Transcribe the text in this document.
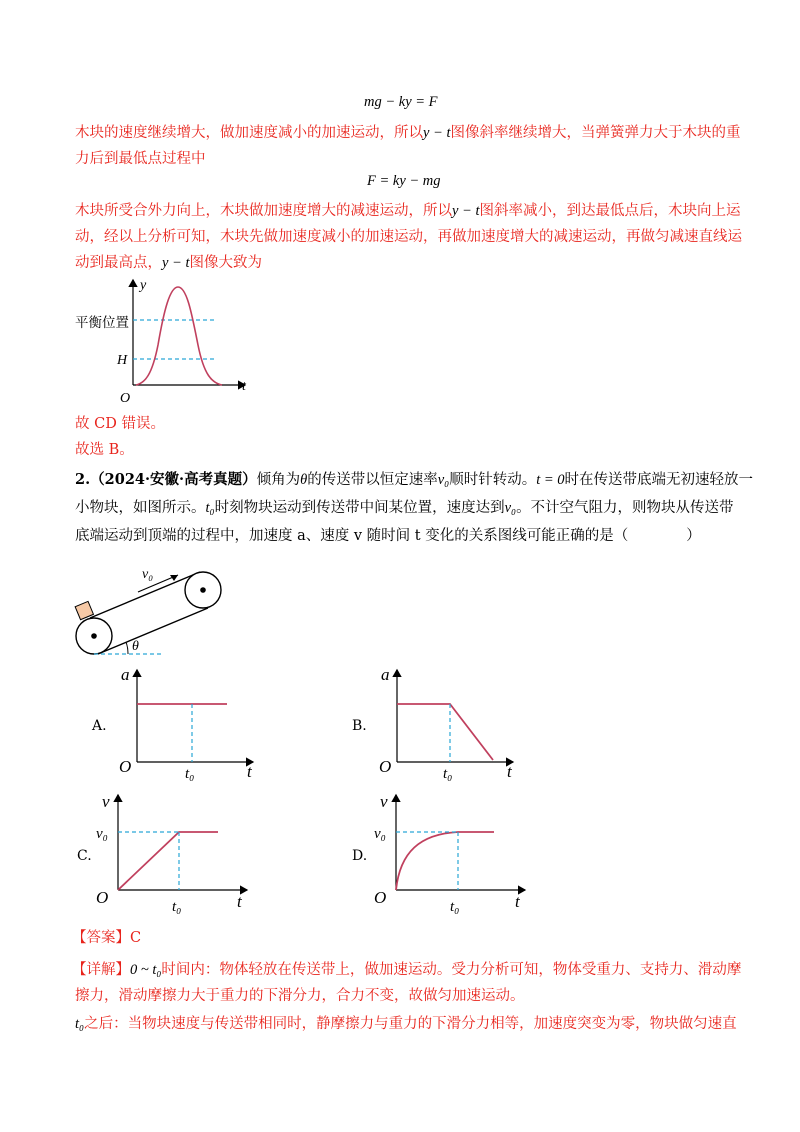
mg − ky = F
木块的速度继续增大，做加速度减小的加速运动，所以y − t图像斜率继续增大，当弹簧弹力大于木块的重
力后到最低点过程中
F = ky − mg
木块所受合外力向上，木块做加速度增大的减速运动，所以y − t图斜率减小，到达最低点后，木块向上运
动，经以上分析可知，木块先做加速度减小的加速运动，再做加速度增大的减速运动，再做匀减速直线运
动到最高点，y − t图像大致为
y
t
O
H
平衡位置
故 CD 错误。
故选 B。
2.（2024·安徽·高考真题）倾角为θ的传送带以恒定速率v₀顺时针转动。t = 0时在传送带底端无初速轻放一
小物块，如图所示。t₀时刻物块运动到传送带中间某位置，速度达到v₀。不计空气阻力，则物块从传送带
底端运动到顶端的过程中，加速度 a、速度 v 随时间 t 变化的关系图线可能正确的是（　　　　）
v₀
θ
A.
a
t
O	t₀
B.
a
t
O	t₀
C.
v
t
O	t₀
v₀
D.
v
t
O	t₀
v₀
【答案】C
【详解】0 ~ t₀时间内：物体轻放在传送带上，做加速运动。受力分析可知，物体受重力、支持力、滑动摩
擦力，滑动摩擦力大于重力的下滑分力，合力不变，故做匀加速运动。
t₀之后：当物块速度与传送带相同时，静摩擦力与重力的下滑分力相等，加速度突变为零，物块做匀速直
